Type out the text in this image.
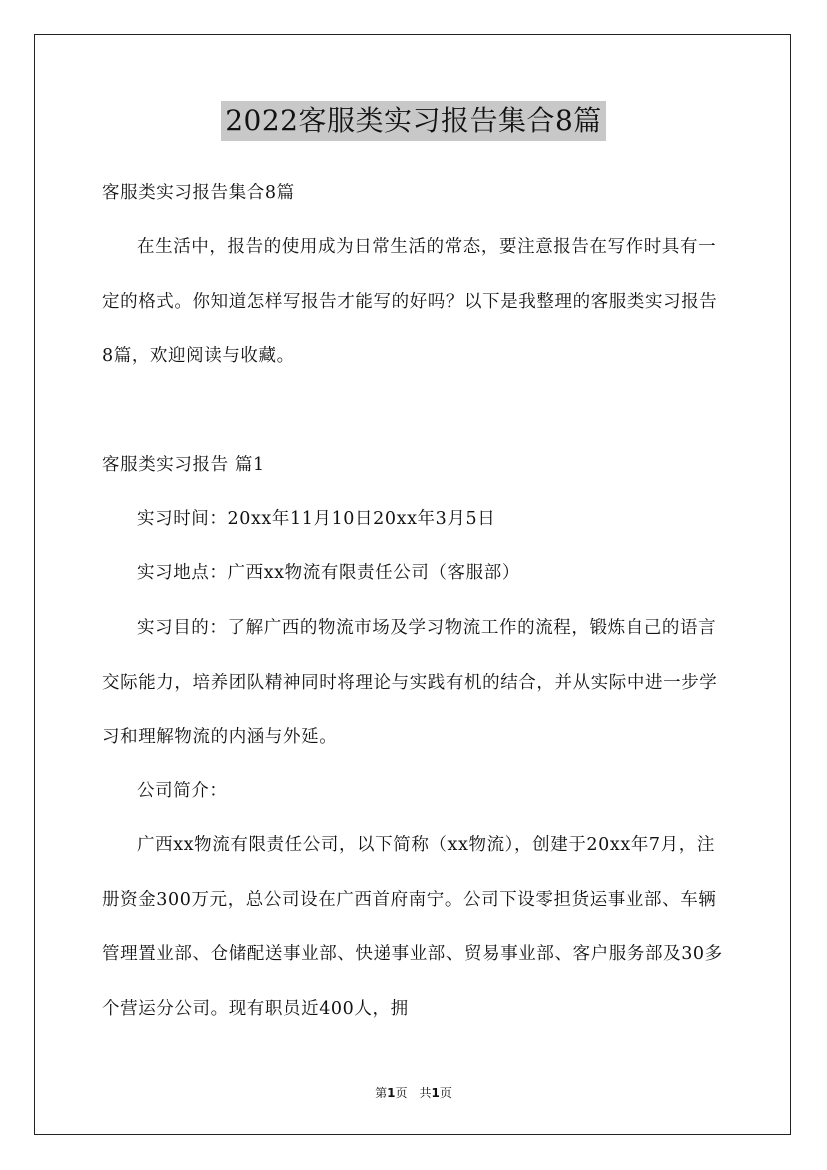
2022客服类实习报告集合8篇

客服类实习报告集合8篇

在生活中，报告的使用成为日常生活的常态，要注意报告在写作时具有一定的格式。你知道怎样写报告才能写的好吗？以下是我整理的客服类实习报告8篇，欢迎阅读与收藏。

客服类实习报告 篇1

实习时间：20xx年11月10日20xx年3月5日

实习地点：广西xx物流有限责任公司（客服部）

实习目的：了解广西的物流市场及学习物流工作的流程，锻炼自己的语言交际能力，培养团队精神同时将理论与实践有机的结合，并从实际中进一步学习和理解物流的内涵与外延。

公司简介：

广西xx物流有限责任公司，以下简称（xx物流），创建于20xx年7月，注册资金300万元，总公司设在广西首府南宁。公司下设零担货运事业部、车辆管理置业部、仓储配送事业部、快递事业部、贸易事业部、客户服务部及30多个营运分公司。现有职员近400人，拥

第1页　共1页
